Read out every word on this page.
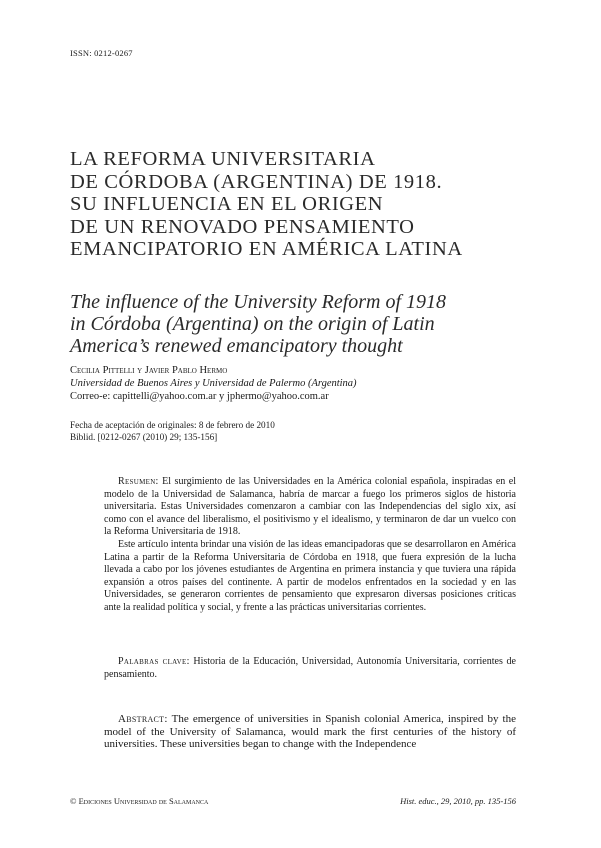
ISSN: 0212-0267
LA REFORMA UNIVERSITARIA
DE CÓRDOBA (ARGENTINA) DE 1918.
SU INFLUENCIA EN EL ORIGEN
DE UN RENOVADO PENSAMIENTO
EMANCIPATORIO EN AMÉRICA LATINA
The influence of the University Reform of 1918
in Córdoba (Argentina) on the origin of Latin
America’s renewed emancipatory thought
Cecilia Pittelli y Javier Pablo Hermo
Universidad de Buenos Aires y Universidad de Palermo (Argentina)
Correo-e: capittelli@yahoo.com.ar y jphermo@yahoo.com.ar
Fecha de aceptación de originales: 8 de febrero de 2010
Biblid. [0212-0267 (2010) 29; 135-156]

Resumen: El surgimiento de las Universidades en la América colonial española, inspiradas en el modelo de la Universidad de Salamanca, habría de marcar a fuego los primeros siglos de historia universitaria. Estas Universidades comenzaron a cambiar con las Independencias del siglo xix, así como con el avance del liberalismo, el positivismo y el idealismo, y terminaron de dar un vuelco con la Reforma Universitaria de 1918.

Este artículo intenta brindar una visión de las ideas emancipadoras que se desarrollaron en América Latina a partir de la Reforma Universitaria de Córdoba en 1918, que fuera expresión de la lucha llevada a cabo por los jóvenes estudiantes de Argentina en primera instancia y que tuviera una rápida expansión a otros países del continente. A partir de modelos enfrentados en la sociedad y en las Universidades, se generaron corrientes de pensamiento que expresaron diversas posiciones críticas ante la realidad política y social, y frente a las prácticas universitarias corrientes.

Palabras clave: Historia de la Educación, Universidad, Autonomía Universitaria, corrientes de pensamiento.

Abstract: The emergence of universities in Spanish colonial America, inspired by the model of the University of Salamanca, would mark the first centuries of the history of universities. These universities began to change with the Independence

© Ediciones Universidad de Salamanca	Hist. educ., 29, 2010, pp. 135-156
